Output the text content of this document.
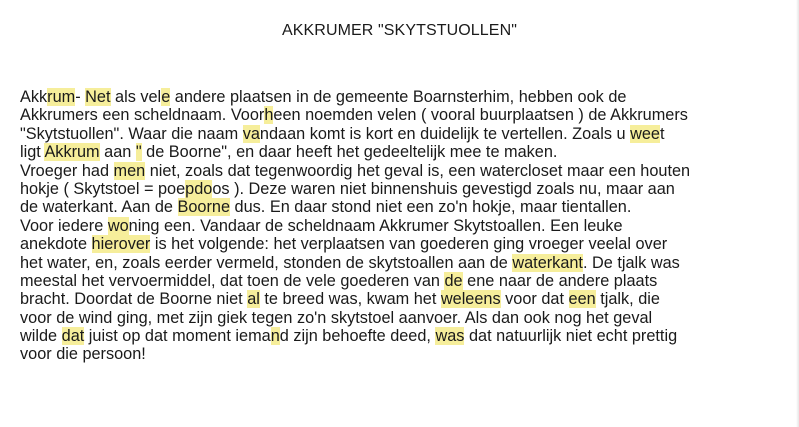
AKKRUMER "SKYTSTUOLLEN"
Akkrum- Net als vele andere plaatsen in de gemeente Boarnsterhim, hebben ook de
Akkrumers een scheldnaam. Voorheen noemden velen ( vooral buurplaatsen ) de Akkrumers
"Skytstuollen". Waar die naam vandaan komt is kort en duidelijk te vertellen. Zoals u weet
ligt Akkrum aan " de Boorne", en daar heeft het gedeeltelijk mee te maken.
Vroeger had men niet, zoals dat tegenwoordig het geval is, een watercloset maar een houten
hokje ( Skytstoel = poepdoos ). Deze waren niet binnenshuis gevestigd zoals nu, maar aan
de waterkant. Aan de Boorne dus. En daar stond niet een zo'n hokje, maar tientallen.
Voor iedere woning een. Vandaar de scheldnaam Akkrumer Skytstoallen. Een leuke
anekdote hierover is het volgende: het verplaatsen van goederen ging vroeger veelal over
het water, en, zoals eerder vermeld, stonden de skytstoallen aan de waterkant. De tjalk was
meestal het vervoermiddel, dat toen de vele goederen van de ene naar de andere plaats
bracht. Doordat de Boorne niet al te breed was, kwam het weleens voor dat een tjalk, die
voor de wind ging, met zijn giek tegen zo'n skytstoel aanvoer. Als dan ook nog het geval
wilde dat juist op dat moment iemand zijn behoefte deed, was dat natuurlijk niet echt prettig
voor die persoon!
